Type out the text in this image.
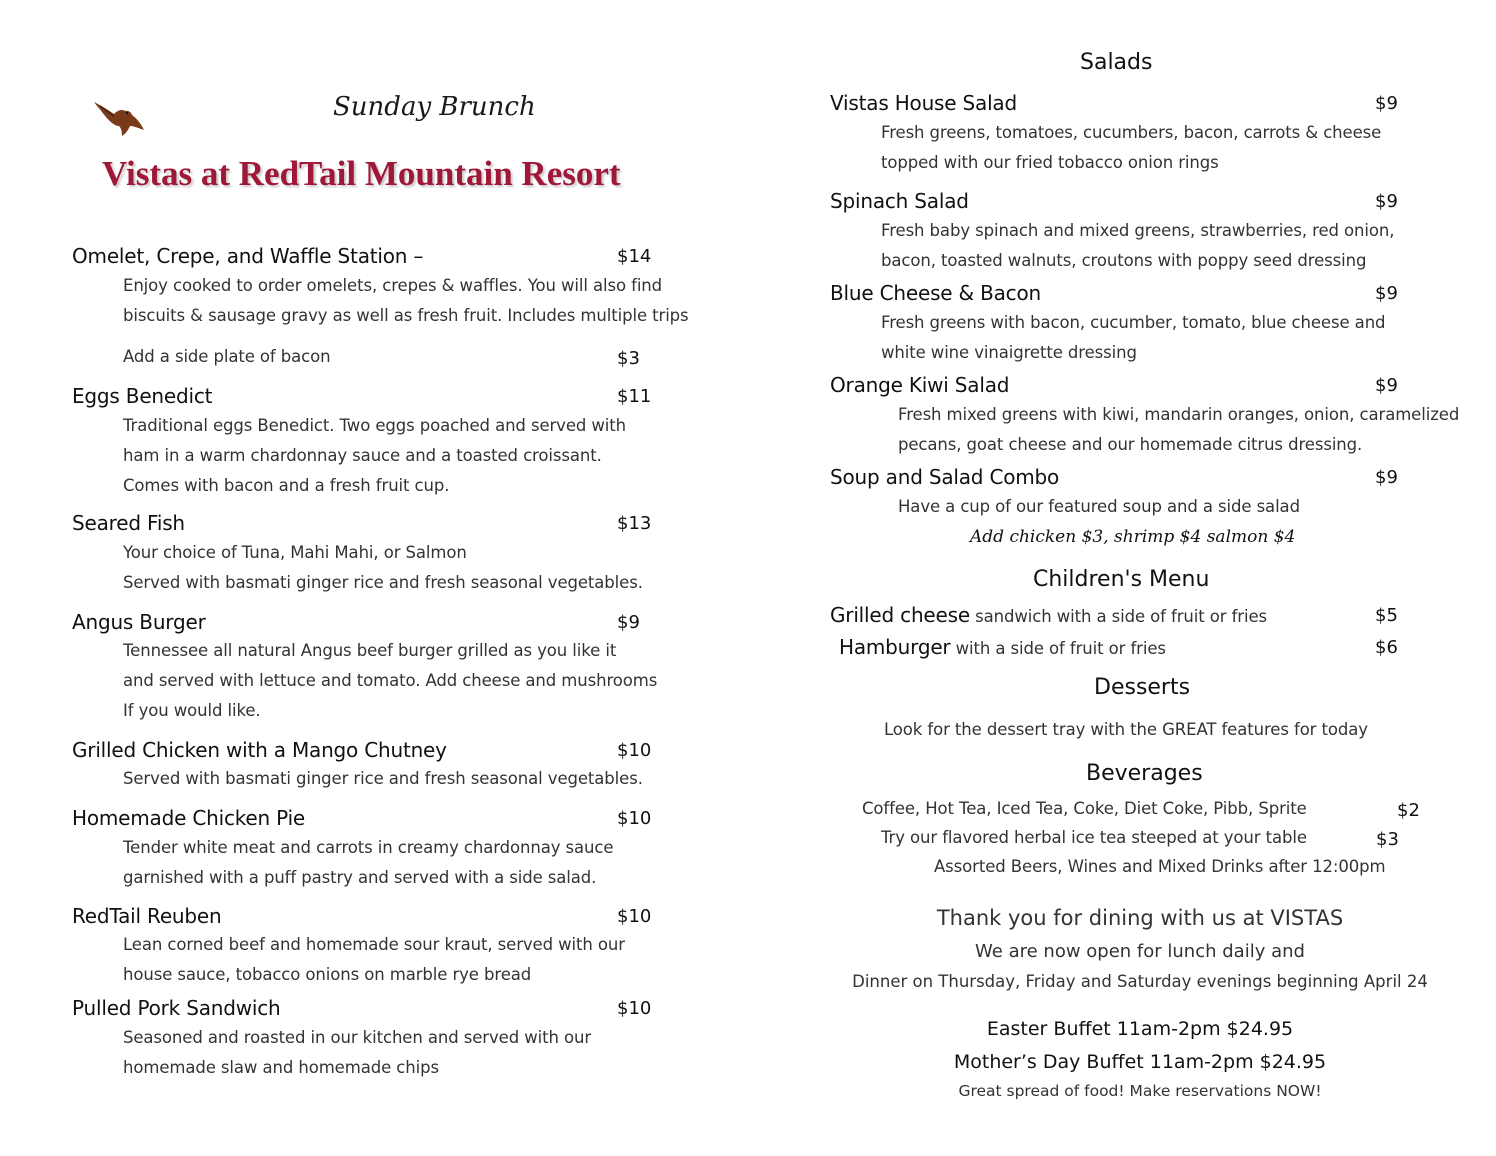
Sunday Brunch
Vistas at RedTail Mountain Resort
Omelet, Crepe, and Waffle Station –	$14
Enjoy cooked to order omelets, crepes & waffles. You will also find
biscuits & sausage gravy as well as fresh fruit. Includes multiple trips
Add a side plate of bacon	$3
Eggs Benedict	$11
Traditional eggs Benedict. Two eggs poached and served with
ham in a warm chardonnay sauce and a toasted croissant.
Comes with bacon and a fresh fruit cup.
Seared Fish	$13
Your choice of Tuna, Mahi Mahi, or Salmon
Served with basmati ginger rice and fresh seasonal vegetables.
Angus Burger	$9
Tennessee all natural Angus beef burger grilled as you like it
and served with lettuce and tomato. Add cheese and mushrooms
If you would like.
Grilled Chicken with a Mango Chutney	$10
Served with basmati ginger rice and fresh seasonal vegetables.
Homemade Chicken Pie	$10
Tender white meat and carrots in creamy chardonnay sauce
garnished with a puff pastry and served with a side salad.
RedTail Reuben	$10
Lean corned beef and homemade sour kraut, served with our
house sauce, tobacco onions on marble rye bread
Pulled Pork Sandwich	$10
Seasoned and roasted in our kitchen and served with our
homemade slaw and homemade chips
Salads
Vistas House Salad	$9
Fresh greens, tomatoes, cucumbers, bacon, carrots & cheese
topped with our fried tobacco onion rings
Spinach Salad	$9
Fresh baby spinach and mixed greens, strawberries, red onion,
bacon, toasted walnuts, croutons with poppy seed dressing
Blue Cheese & Bacon	$9
Fresh greens with bacon, cucumber, tomato, blue cheese and
white wine vinaigrette dressing
Orange Kiwi Salad	$9
Fresh mixed greens with kiwi, mandarin oranges, onion, caramelized
pecans, goat cheese and our homemade citrus dressing.
Soup and Salad Combo	$9
Have a cup of our featured soup and a side salad
Add chicken $3, shrimp $4 salmon $4
Children's Menu
Grilled cheese sandwich with a side of fruit or fries	$5
Hamburger with a side of fruit or fries	$6
Desserts
Look for the dessert tray with the GREAT features for today
Beverages
Coffee, Hot Tea, Iced Tea, Coke, Diet Coke, Pibb, Sprite	$2
Try our flavored herbal ice tea steeped at your table	$3
Assorted Beers, Wines and Mixed Drinks after 12:00pm
Thank you for dining with us at VISTAS
We are now open for lunch daily and
Dinner on Thursday, Friday and Saturday evenings beginning April 24
Easter Buffet 11am-2pm $24.95
Mother’s Day Buffet 11am-2pm $24.95
Great spread of food! Make reservations NOW!
